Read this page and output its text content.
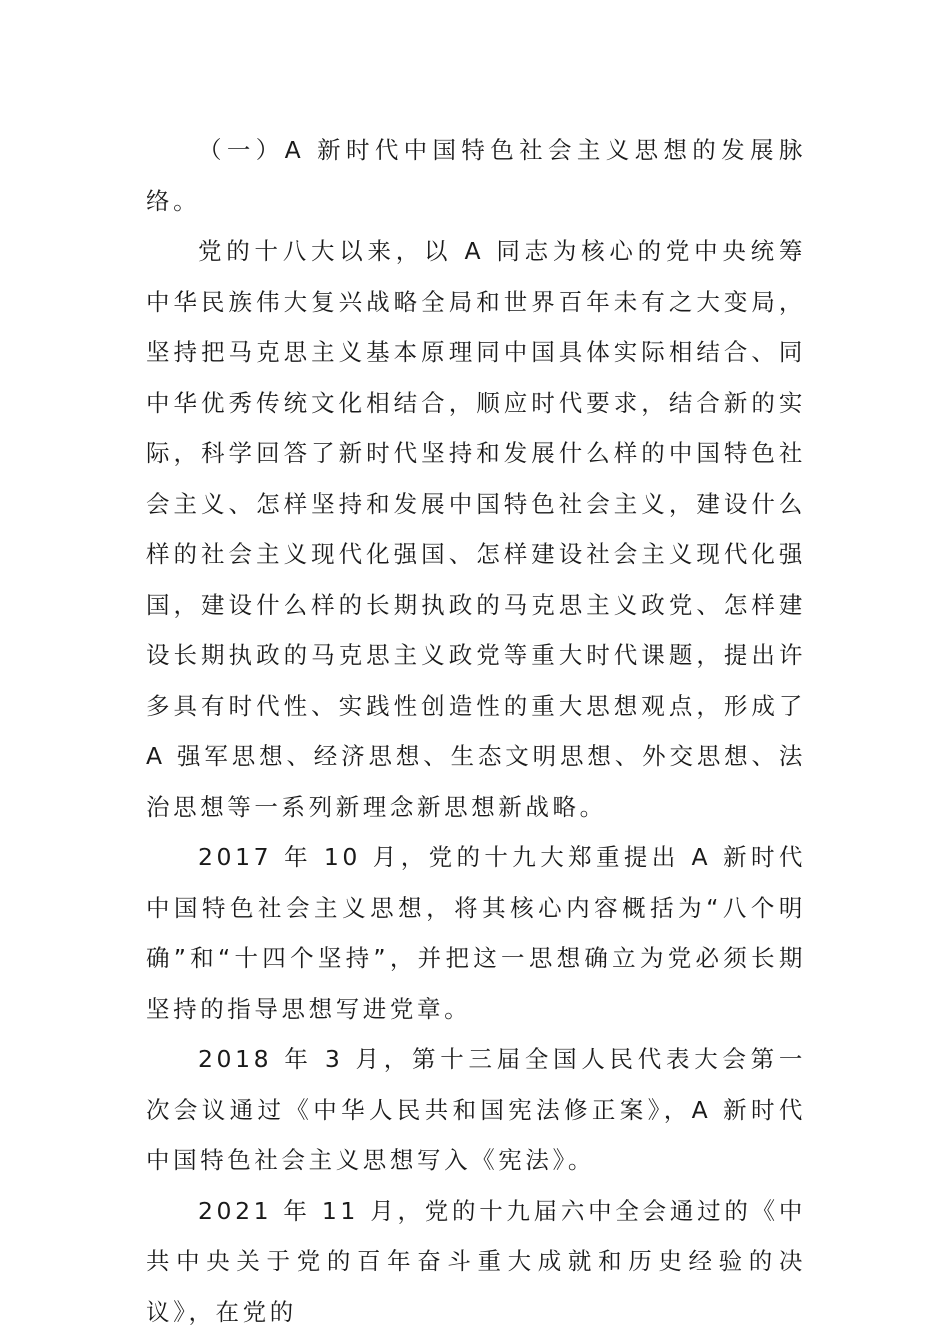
（一）A 新时代中国特色社会主义思想的发展脉络。

党的十八大以来，以 A 同志为核心的党中央统筹中华民族伟大复兴战略全局和世界百年未有之大变局，坚持把马克思主义基本原理同中国具体实际相结合、同中华优秀传统文化相结合，顺应时代要求，结合新的实际，科学回答了新时代坚持和发展什么样的中国特色社会主义、怎样坚持和发展中国特色社会主义，建设什么样的社会主义现代化强国、怎样建设社会主义现代化强国，建设什么样的长期执政的马克思主义政党、怎样建设长期执政的马克思主义政党等重大时代课题，提出许多具有时代性、实践性创造性的重大思想观点，形成了 A 强军思想、经济思想、生态文明思想、外交思想、法治思想等一系列新理念新思想新战略。

2017 年 10 月，党的十九大郑重提出 A 新时代中国特色社会主义思想，将其核心内容概括为“八个明确”和“十四个坚持”，并把这一思想确立为党必须长期坚持的指导思想写进党章。

2018 年 3 月，第十三届全国人民代表大会第一次会议通过《中华人民共和国宪法修正案》，A 新时代中国特色社会主义思想写入《宪法》。

2021 年 11 月，党的十九届六中全会通过的《中共中央关于党的百年奋斗重大成就和历史经验的决议》，在党的
